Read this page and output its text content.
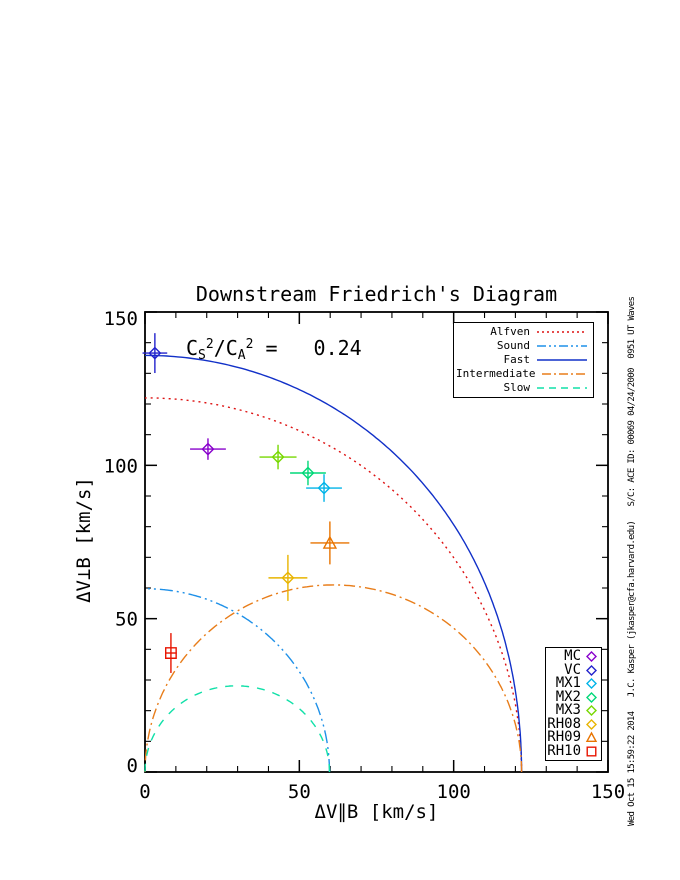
Downstream Friedrich's Diagram
0	50	100	150
0
50
100
150
$C_S^2/C_A^2 = 0.24$
Alfven
Sound
Fast
Intermediate
Slow
MC
VC
MX1
MX2
MX3
RH08
RH09
RH10
ΔV∥B [km/s]
ΔV⊥B [km/s]	Wed Oct 15 15:59:22 2014   J.C. Kasper (jkasper@cfa.harvard.edu)   S/C: ACE ID: 00069 04/24/2000  0951 UT Waves
